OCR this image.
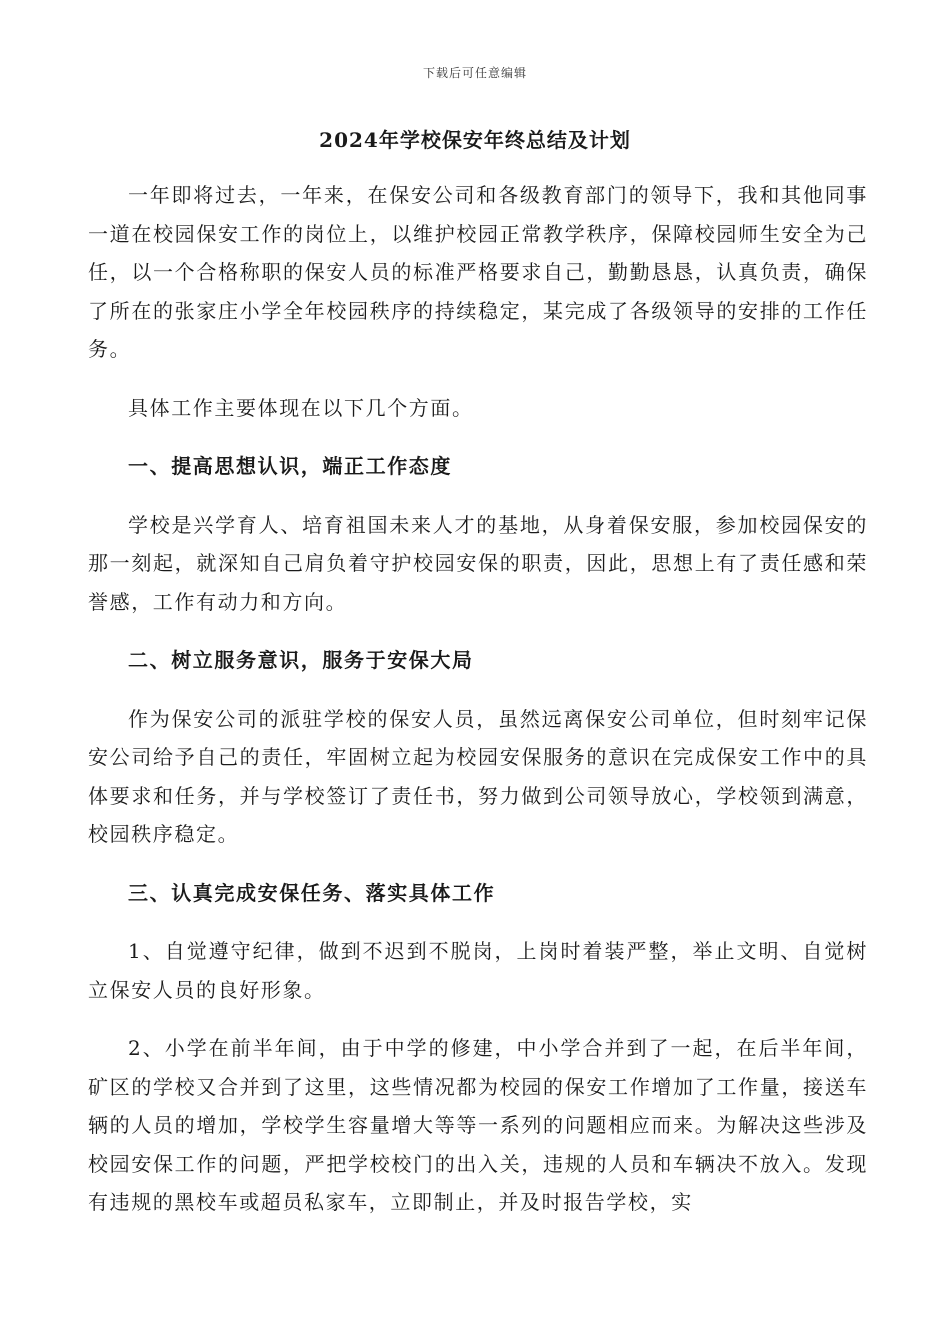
下载后可任意编辑
2024年学校保安年终总结及计划

一年即将过去，一年来，在保安公司和各级教育部门的领导下，我和其他同事一道在校园保安工作的岗位上，以维护校园正常教学秩序，保障校园师生安全为己任，以一个合格称职的保安人员的标准严格要求自己，勤勤恳恳，认真负责，确保了所在的张家庄小学全年校园秩序的持续稳定，某完成了各级领导的安排的工作任务。

具体工作主要体现在以下几个方面。

一、提高思想认识，端正工作态度

学校是兴学育人、培育祖国未来人才的基地，从身着保安服，参加校园保安的那一刻起，就深知自己肩负着守护校园安保的职责，因此，思想上有了责任感和荣誉感，工作有动力和方向。

二、树立服务意识，服务于安保大局

作为保安公司的派驻学校的保安人员，虽然远离保安公司单位，但时刻牢记保安公司给予自己的责任，牢固树立起为校园安保服务的意识在完成保安工作中的具体要求和任务，并与学校签订了责任书，努力做到公司领导放心，学校领到满意，校园秩序稳定。

三、认真完成安保任务、落实具体工作

1、自觉遵守纪律，做到不迟到不脱岗，上岗时着装严整，举止文明、自觉树立保安人员的良好形象。

2、小学在前半年间，由于中学的修建，中小学合并到了一起，在后半年间，矿区的学校又合并到了这里，这些情况都为校园的保安工作增加了工作量，接送车辆的人员的增加，学校学生容量增大等等一系列的问题相应而来。为解决这些涉及校园安保工作的问题，严把学校校门的出入关，违规的人员和车辆决不放入。发现有违规的黑校车或超员私家车，立即制止，并及时报告学校，实
